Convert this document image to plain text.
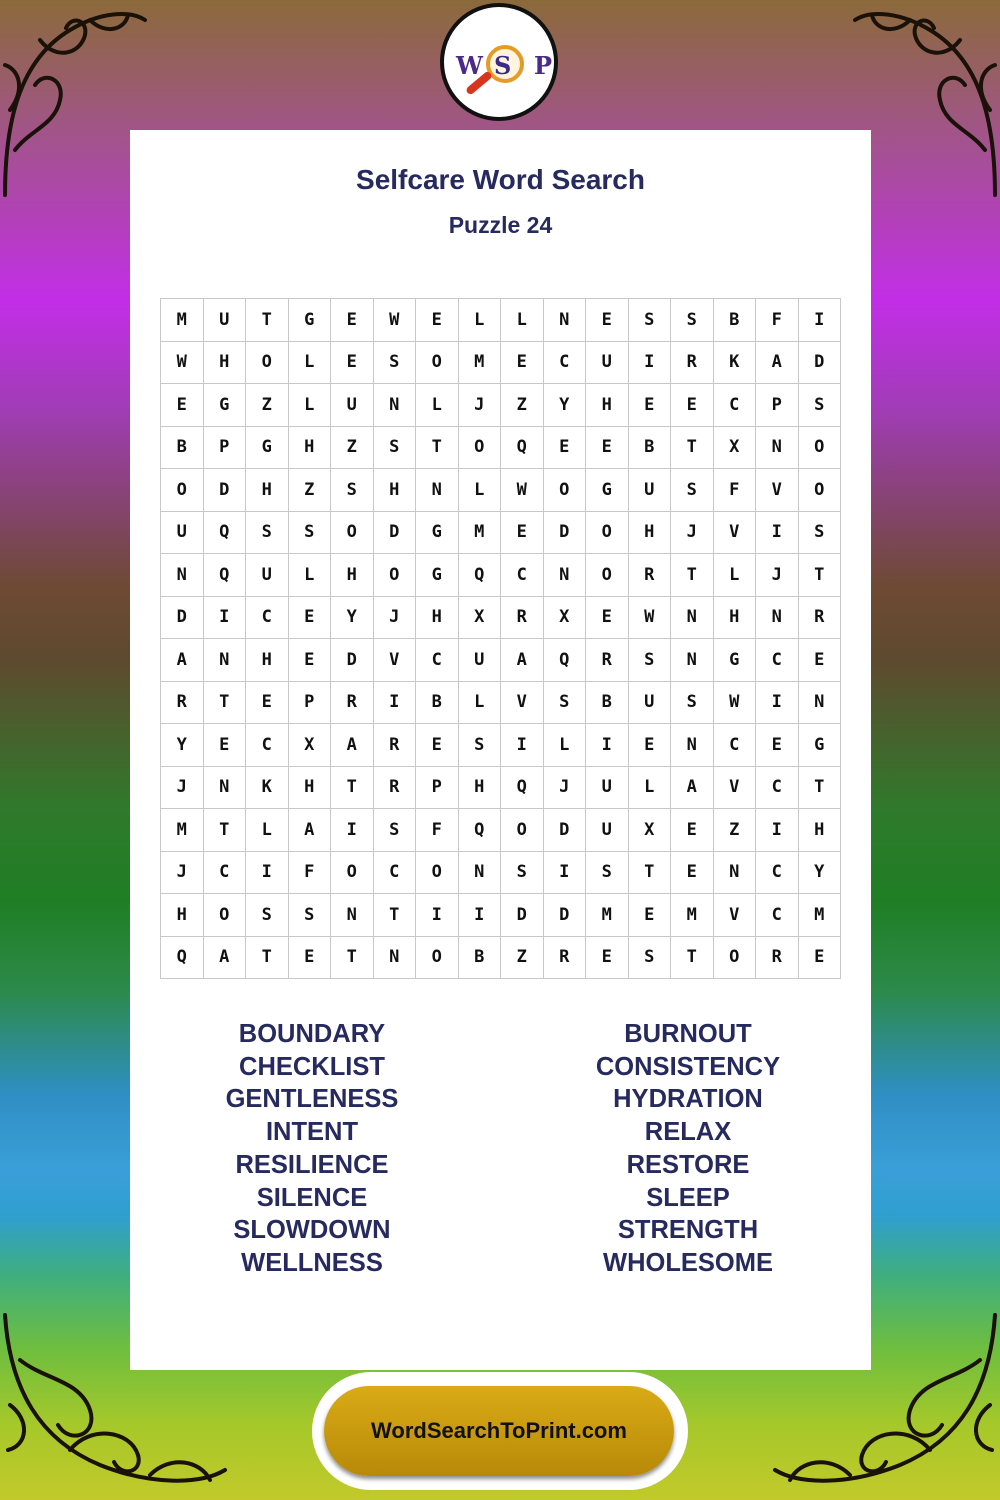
W S P
Selfcare Word Search
Puzzle 24
M	U	T	G	E	W	E	L	L	N	E	S	S	B	F	I
W	H	O	L	E	S	O	M	E	C	U	I	R	K	A	D
E	G	Z	L	U	N	L	J	Z	Y	H	E	E	C	P	S
B	P	G	H	Z	S	T	O	Q	E	E	B	T	X	N	O
O	D	H	Z	S	H	N	L	W	O	G	U	S	F	V	O
U	Q	S	S	O	D	G	M	E	D	O	H	J	V	I	S
N	Q	U	L	H	O	G	Q	C	N	O	R	T	L	J	T
D	I	C	E	Y	J	H	X	R	X	E	W	N	H	N	R
A	N	H	E	D	V	C	U	A	Q	R	S	N	G	C	E
R	T	E	P	R	I	B	L	V	S	B	U	S	W	I	N
Y	E	C	X	A	R	E	S	I	L	I	E	N	C	E	G
J	N	K	H	T	R	P	H	Q	J	U	L	A	V	C	T
M	T	L	A	I	S	F	Q	O	D	U	X	E	Z	I	H
J	C	I	F	O	C	O	N	S	I	S	T	E	N	C	Y
H	O	S	S	N	T	I	I	D	D	M	E	M	V	C	M
Q	A	T	E	T	N	O	B	Z	R	E	S	T	O	R	E
BOUNDARY
CHECKLIST
GENTLENESS
INTENT
RESILIENCE
SILENCE
SLOWDOWN
WELLNESS
BURNOUT
CONSISTENCY
HYDRATION
RELAX
RESTORE
SLEEP
STRENGTH
WHOLESOME
WordSearchToPrint.com
